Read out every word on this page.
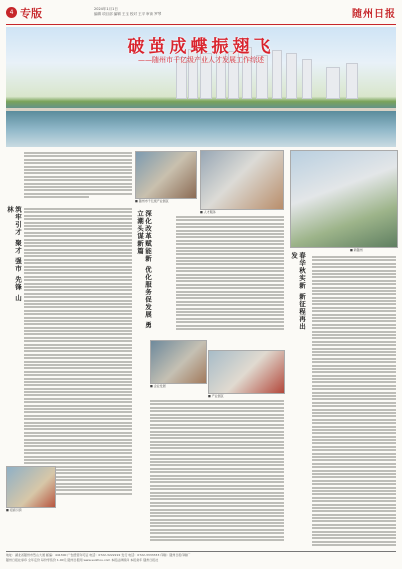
4 专版	2024年1月1日
编辑 项目部 编辑 王玉 校对 王平 审读 罗琴	随州日报
破茧成蝶振翅飞
——随州市千亿级产业人才发展工作综述
筑牢引才 聚才 强市 先锋 山林
■ 招商引资
■ 随州市千亿级产业园区
■ 人才服务
深化改革赋能新 优化服务促发展 勇立潮头谋新篇
■ 企业发展
■ 产业园区
■ 新随州
春华秋实新 新征程再出发
地址：湖北省随州市烈山大道 邮编：441300 广告经营许可证 电话：0722-3222222 发行 电话：0722-3333333 印刷：随州日报印刷厂
随州日报社承印 全年定价 每份零售价 1.00元 随州日报网 www.suizhou.com 本报法律顾问 本报常年 随州日报社
